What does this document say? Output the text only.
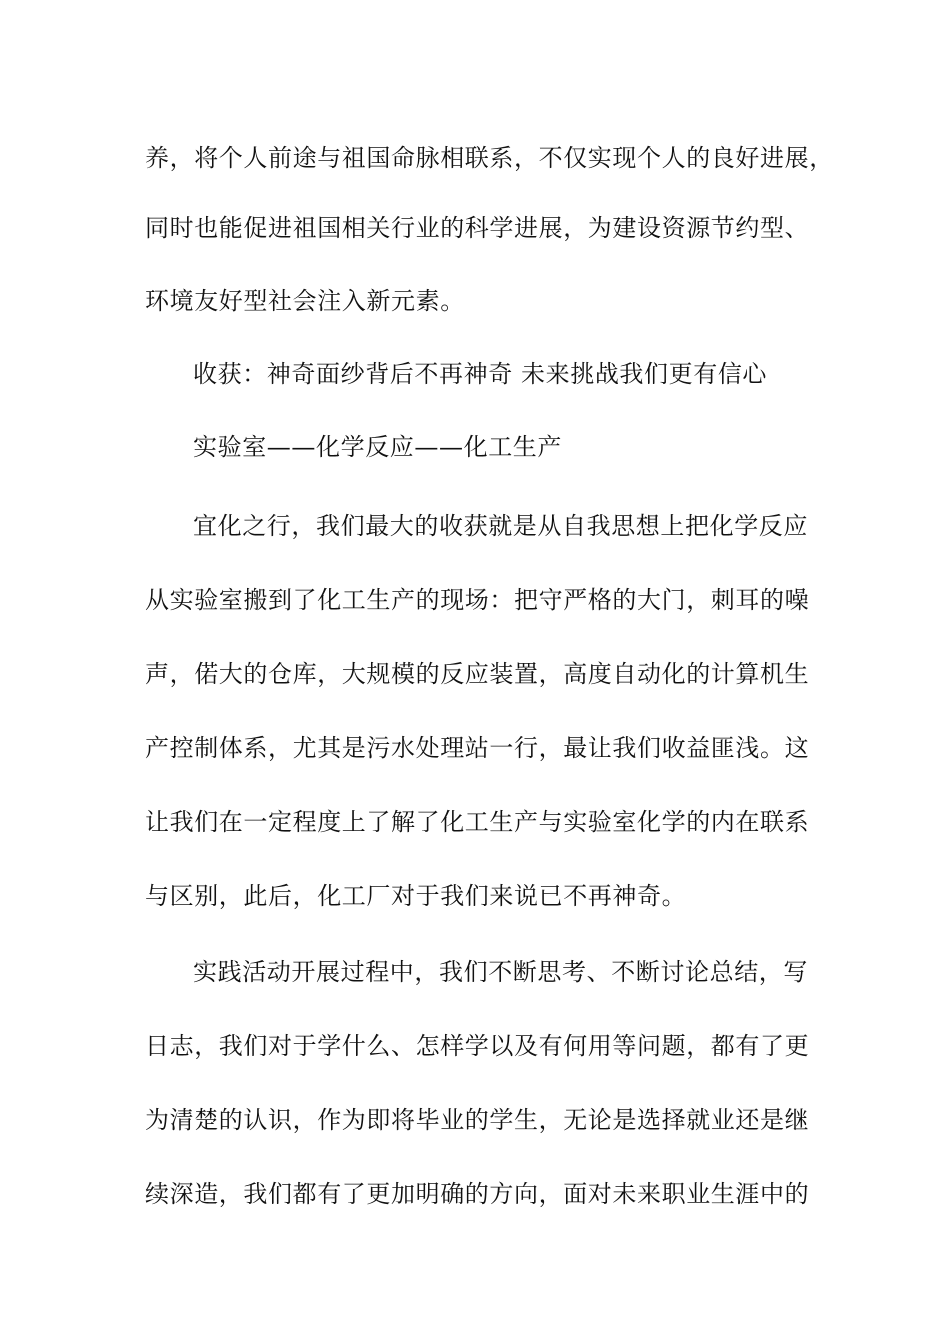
养，将个人前途与祖国命脉相联系，不仅实现个人的良好进展，
同时也能促进祖国相关行业的科学进展，为建设资源节约型、
环境友好型社会注入新元素。
收获：神奇面纱背后不再神奇 未来挑战我们更有信心
实验室——化学反应——化工生产
宜化之行，我们最大的收获就是从自我思想上把化学反应
从实验室搬到了化工生产的现场：把守严格的大门，刺耳的噪
声，偌大的仓库，大规模的反应装置，高度自动化的计算机生
产控制体系，尤其是污水处理站一行，最让我们收益匪浅。这
让我们在一定程度上了解了化工生产与实验室化学的内在联系
与区别，此后，化工厂对于我们来说已不再神奇。
实践活动开展过程中，我们不断思考、不断讨论总结，写
日志，我们对于学什么、怎样学以及有何用等问题，都有了更
为清楚的认识，作为即将毕业的学生，无论是选择就业还是继
续深造，我们都有了更加明确的方向，面对未来职业生涯中的
